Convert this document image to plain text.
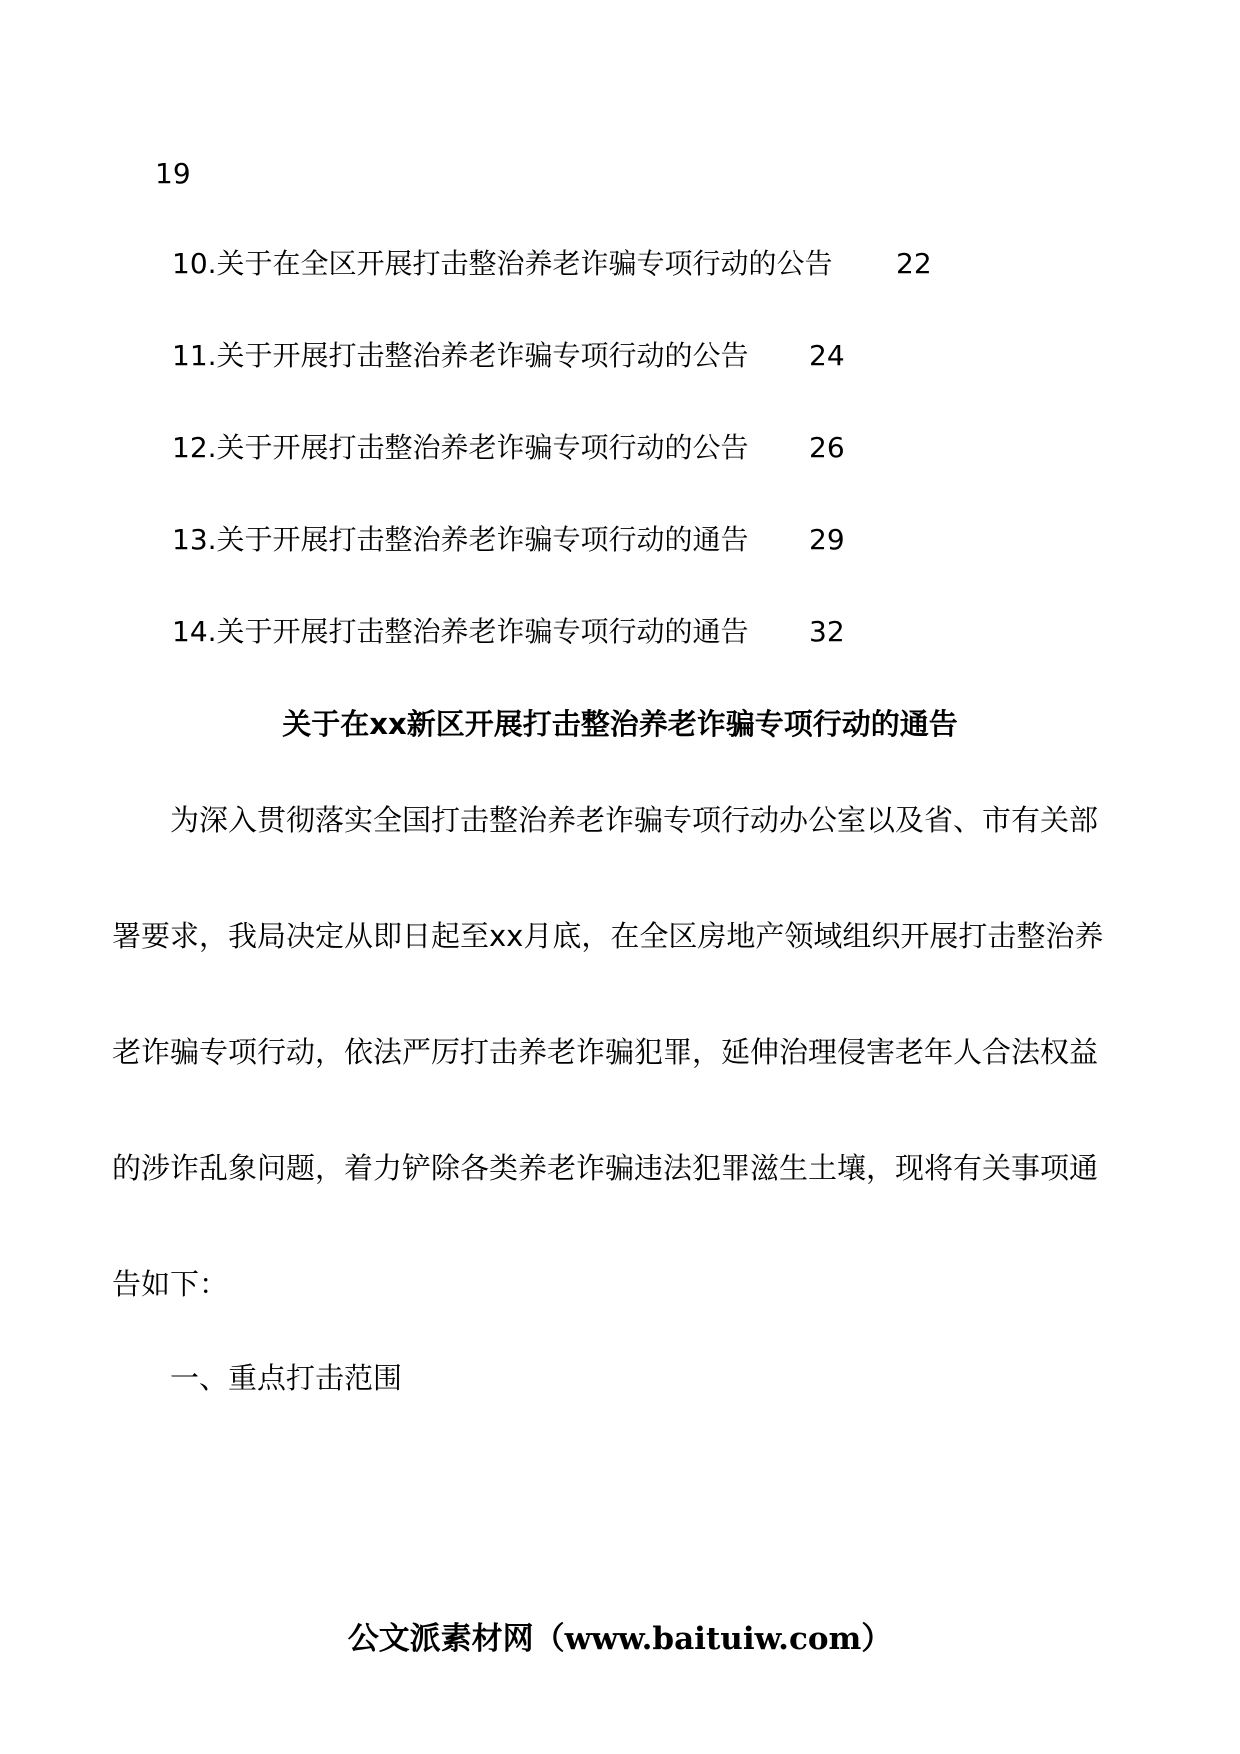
19
10.关于在全区开展打击整治养老诈骗专项行动的公告 22
11.关于开展打击整治养老诈骗专项行动的公告 24
12.关于开展打击整治养老诈骗专项行动的公告 26
13.关于开展打击整治养老诈骗专项行动的通告 29
14.关于开展打击整治养老诈骗专项行动的通告 32
关于在xx新区开展打击整治养老诈骗专项行动的通告
为深入贯彻落实全国打击整治养老诈骗专项行动办公室以及省、市有关部
署要求，我局决定从即日起至xx月底，在全区房地产领域组织开展打击整治养
老诈骗专项行动，依法严厉打击养老诈骗犯罪，延伸治理侵害老年人合法权益
的涉诈乱象问题，着力铲除各类养老诈骗违法犯罪滋生土壤，现将有关事项通
告如下：
一、重点打击范围
公文派素材网（www.baituiw.com）
